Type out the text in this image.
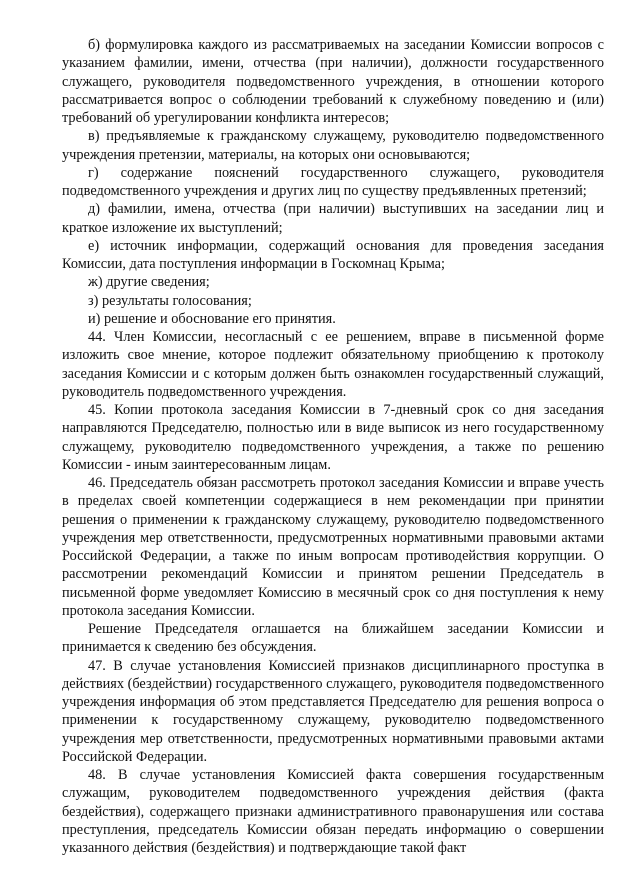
б) формулировка каждого из рассматриваемых на заседании Комиссии вопросов с указанием фамилии, имени, отчества (при наличии), должности государственного служащего, руководителя подведомственного учреждения, в отношении которого рассматривается вопрос о соблюдении требований к служебному поведению и (или) требований об урегулировании конфликта интересов;

в) предъявляемые к гражданскому служащему, руководителю подведомственного учреждения претензии, материалы, на которых они основываются;

г) содержание пояснений государственного служащего, руководителя подведомственного учреждения и других лиц по существу предъявленных претензий;

д) фамилии, имена, отчества (при наличии) выступивших на заседании лиц и краткое изложение их выступлений;

е) источник информации, содержащий основания для проведения заседания Комиссии, дата поступления информации в Госкомнац Крыма;

ж) другие сведения;

з) результаты голосования;

и) решение и обоснование его принятия.

44. Член Комиссии, несогласный с ее решением, вправе в письменной форме изложить свое мнение, которое подлежит обязательному приобщению к протоколу заседания Комиссии и с которым должен быть ознакомлен государственный служащий, руководитель подведомственного учреждения.

45. Копии протокола заседания Комиссии в 7-дневный срок со дня заседания направляются Председателю, полностью или в виде выписок из него государственному служащему, руководителю подведомственного учреждения, а также по решению Комиссии - иным заинтересованным лицам.

46. Председатель обязан рассмотреть протокол заседания Комиссии и вправе учесть в пределах своей компетенции содержащиеся в нем рекомендации при принятии решения о применении к гражданскому служащему, руководителю подведомственного учреждения мер ответственности, предусмотренных нормативными правовыми актами Российской Федерации, а также по иным вопросам противодействия коррупции. О рассмотрении рекомендаций Комиссии и принятом решении Председатель в письменной форме уведомляет Комиссию в месячный срок со дня поступления к нему протокола заседания Комиссии.

Решение Председателя оглашается на ближайшем заседании Комиссии и принимается к сведению без обсуждения.

47. В случае установления Комиссией признаков дисциплинарного проступка в действиях (бездействии) государственного служащего, руководителя подведомственного учреждения информация об этом представляется Председателю для решения вопроса о применении к государственному служащему, руководителю подведомственного учреждения мер ответственности, предусмотренных нормативными правовыми актами Российской Федерации.

48. В случае установления Комиссией факта совершения государственным служащим, руководителем подведомственного учреждения действия (факта бездействия), содержащего признаки административного правонарушения или состава преступления, председатель Комиссии обязан передать информацию о совершении указанного действия (бездействия) и подтверждающие такой факт
